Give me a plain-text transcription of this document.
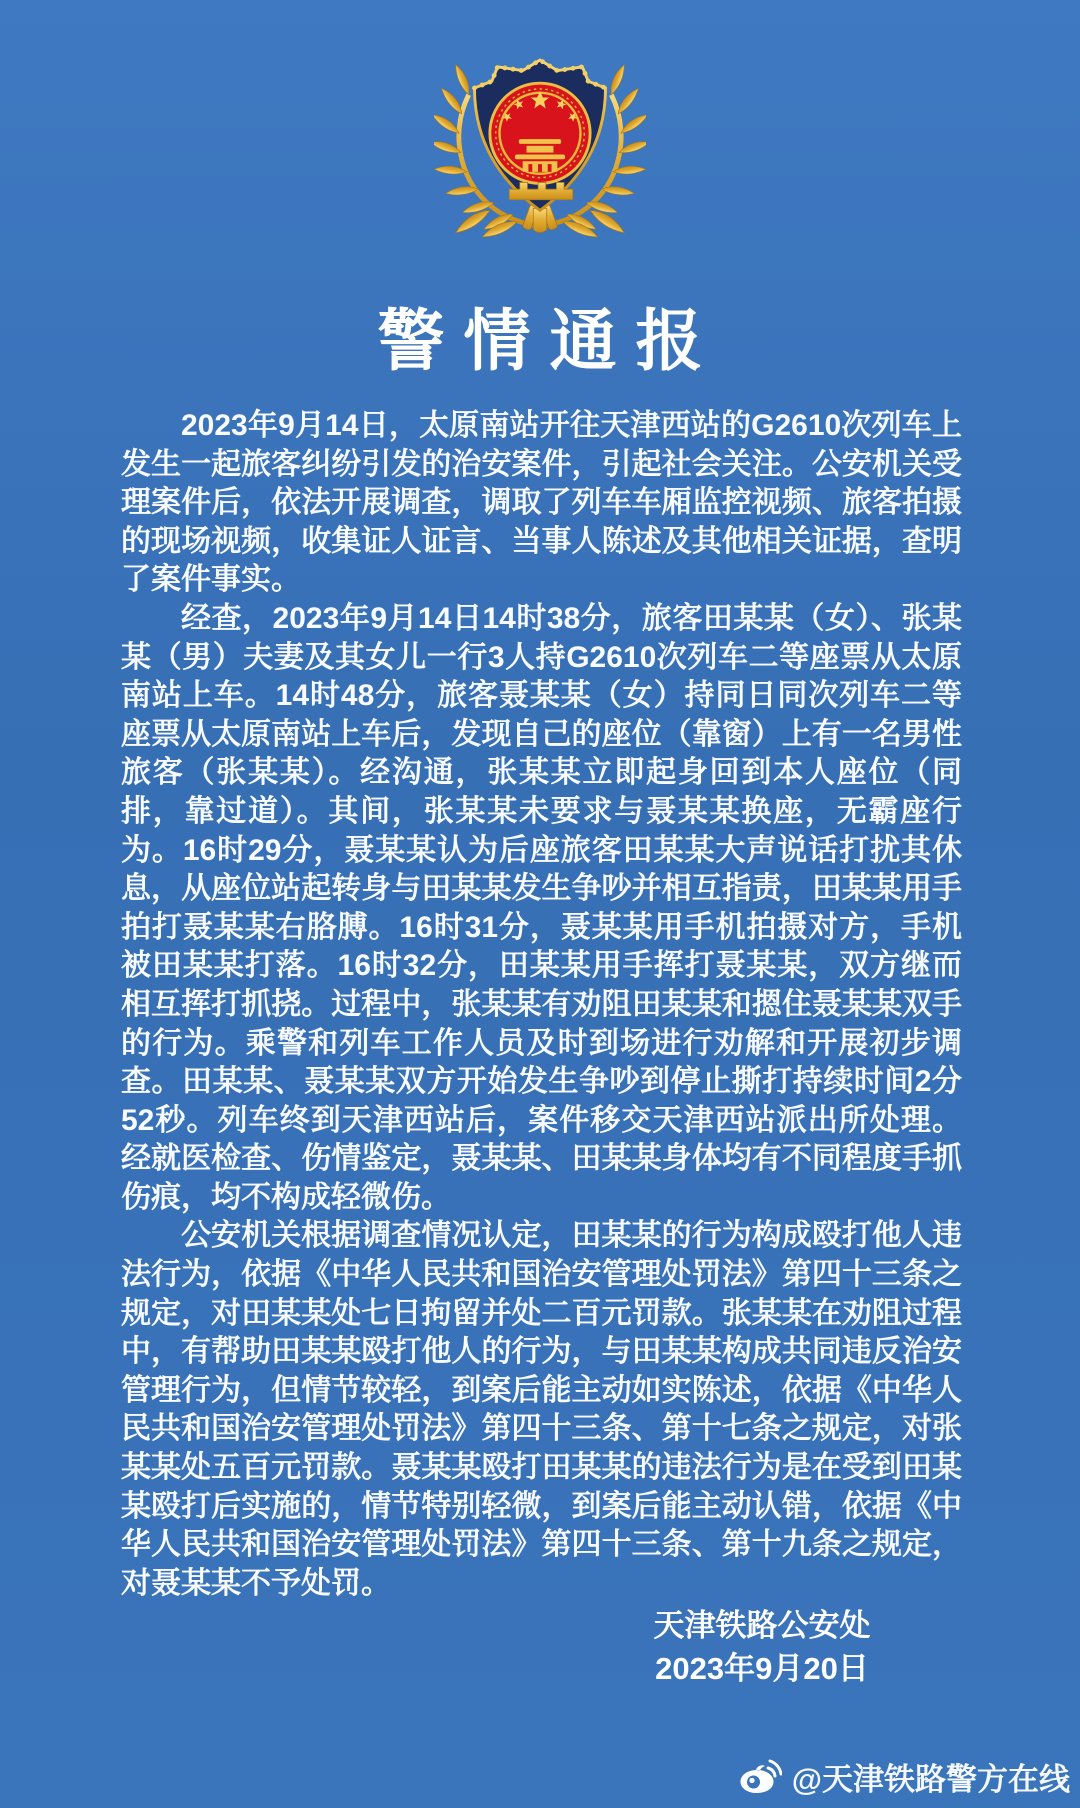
警情通报

2023年9月14日，太原南站开往天津西站的G2610次列车上发生一起旅客纠纷引发的治安案件，引起社会关注。公安机关受理案件后，依法开展调查，调取了列车车厢监控视频、旅客拍摄的现场视频，收集证人证言、当事人陈述及其他相关证据，查明了案件事实。

经查，2023年9月14日14时38分，旅客田某某（女）、张某某（男）夫妻及其女儿一行3人持G2610次列车二等座票从太原南站上车。14时48分，旅客聂某某（女）持同日同次列车二等座票从太原南站上车后，发现自己的座位（靠窗）上有一名男性旅客（张某某）。经沟通，张某某立即起身回到本人座位（同排，靠过道）。其间，张某某未要求与聂某某换座，无霸座行为。16时29分，聂某某认为后座旅客田某某大声说话打扰其休息，从座位站起转身与田某某发生争吵并相互指责，田某某用手拍打聂某某右胳膊。16时31分，聂某某用手机拍摄对方，手机被田某某打落。16时32分，田某某用手挥打聂某某，双方继而相互挥打抓挠。过程中，张某某有劝阻田某某和摁住聂某某双手的行为。乘警和列车工作人员及时到场进行劝解和开展初步调查。田某某、聂某某双方开始发生争吵到停止撕打持续时间2分52秒。列车终到天津西站后，案件移交天津西站派出所处理。经就医检查、伤情鉴定，聂某某、田某某身体均有不同程度手抓伤痕，均不构成轻微伤。

公安机关根据调查情况认定，田某某的行为构成殴打他人违法行为，依据《中华人民共和国治安管理处罚法》第四十三条之规定，对田某某处七日拘留并处二百元罚款。张某某在劝阻过程中，有帮助田某某殴打他人的行为，与田某某构成共同违反治安管理行为，但情节较轻，到案后能主动如实陈述，依据《中华人民共和国治安管理处罚法》第四十三条、第十七条之规定，对张某某处五百元罚款。聂某某殴打田某某的违法行为是在受到田某某殴打后实施的，情节特别轻微，到案后能主动认错，依据《中华人民共和国治安管理处罚法》第四十三条、第十九条之规定，对聂某某不予处罚。

天津铁路公安处
2023年9月20日
@天津铁路警方在线
